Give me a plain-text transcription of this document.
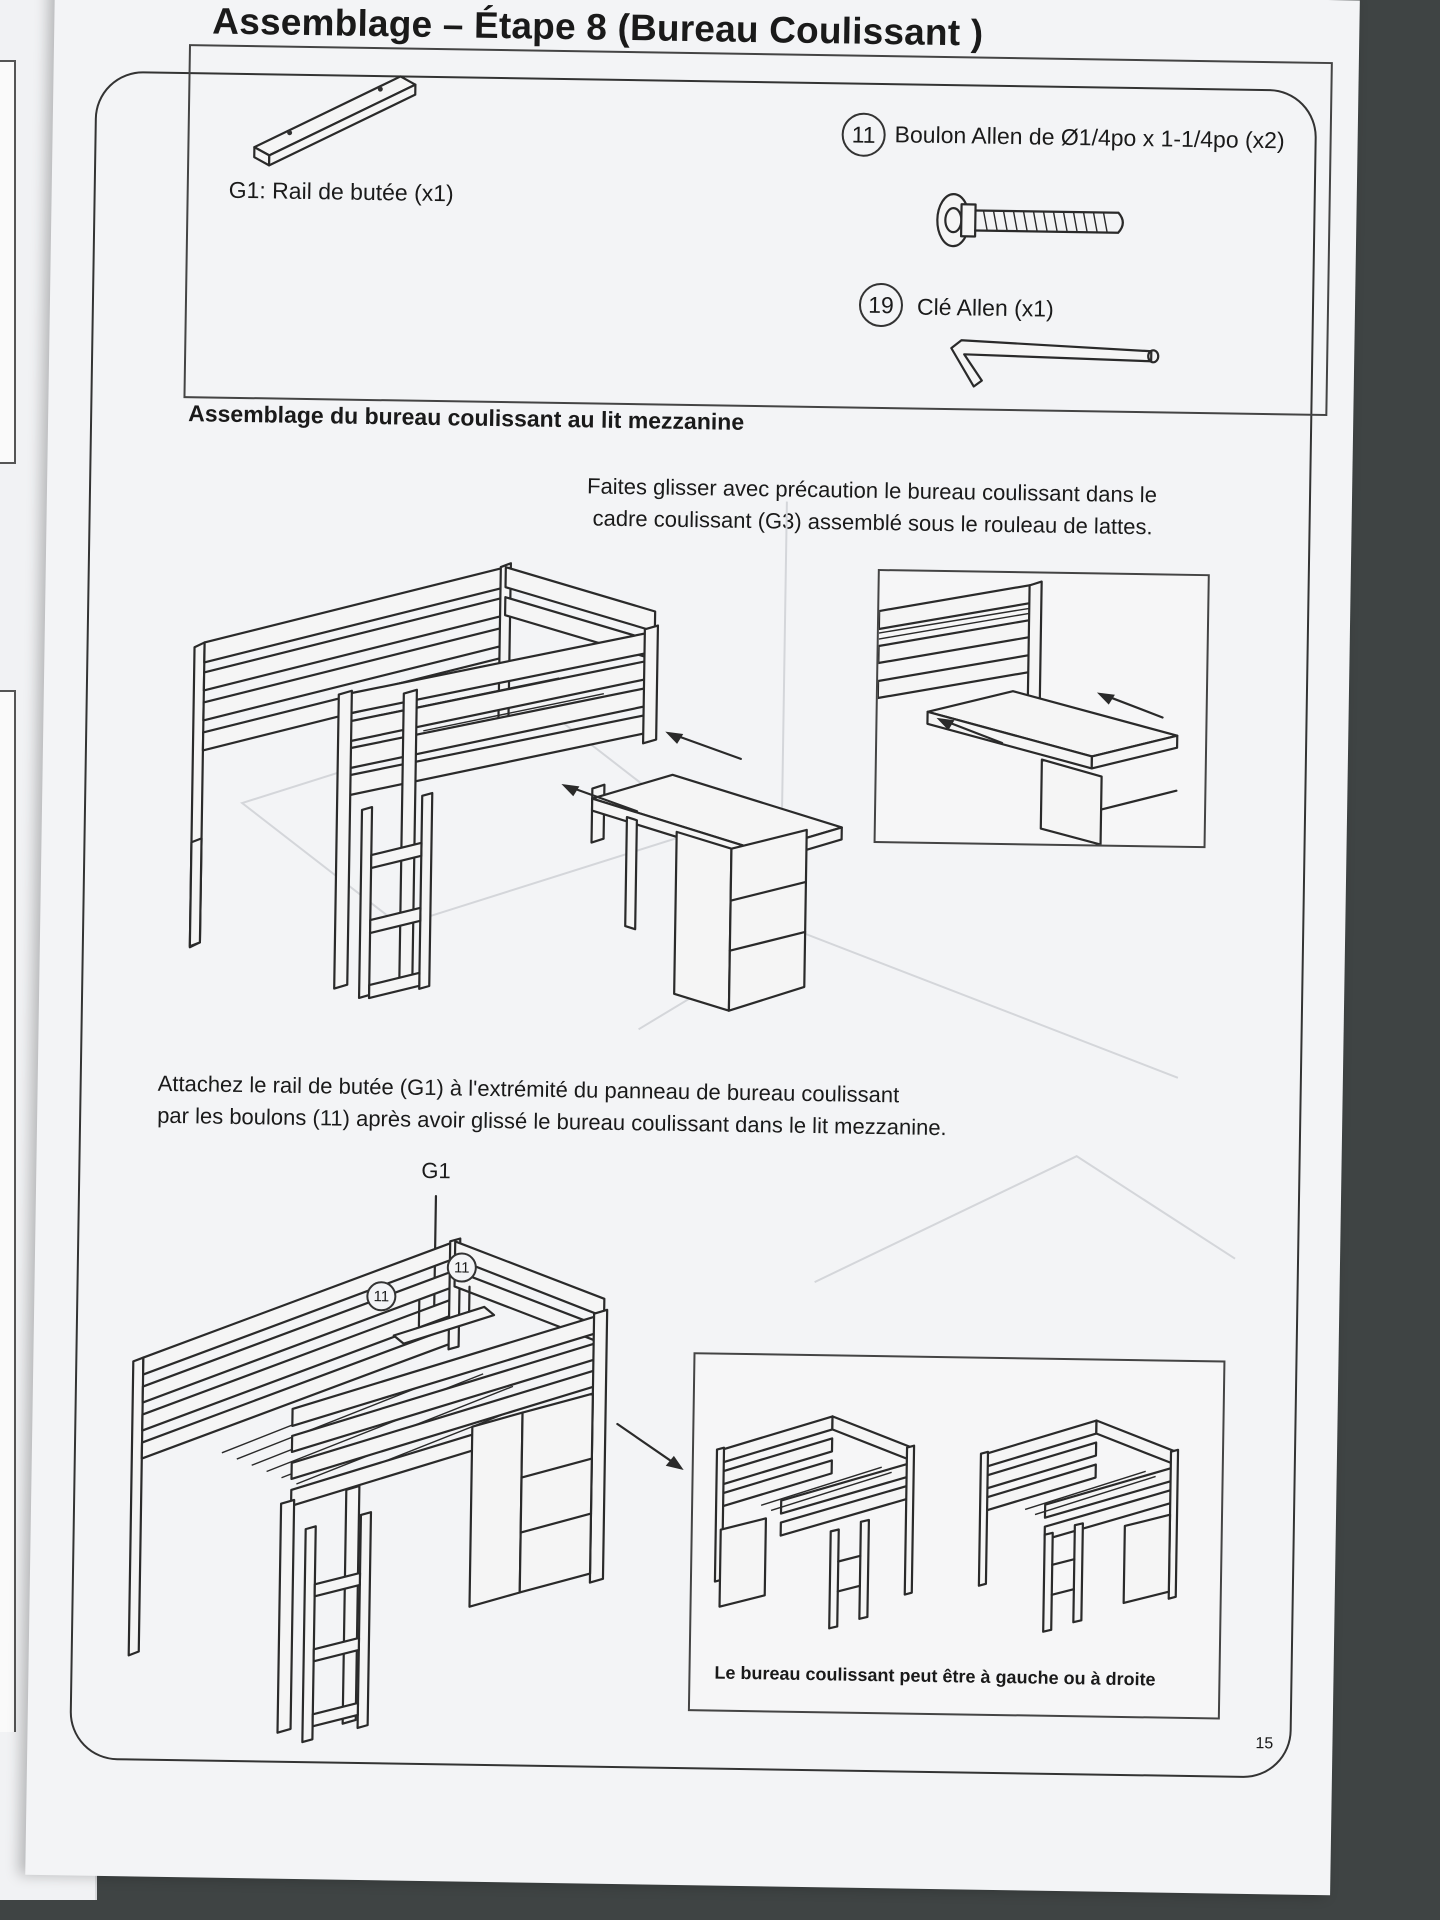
Assemblage – Étape 8 (Bureau Coulissant )
G1: Rail de butée (x1)
11 Boulon Allen de Ø1/4po x 1-1/4po (x2)
19 Clé Allen (x1)
Assemblage du bureau coulissant au lit mezzanine
Faites glisser avec précaution le bureau coulissant dans le
cadre coulissant (G3) assemblé sous le rouleau de lattes.
Attachez le rail de butée (G1) à l'extrémité du panneau de bureau coulissant
par les boulons (11) après avoir glissé le bureau coulissant dans le lit mezzanine.
G1
11
11
Le bureau coulissant peut être à gauche ou à droite
15
